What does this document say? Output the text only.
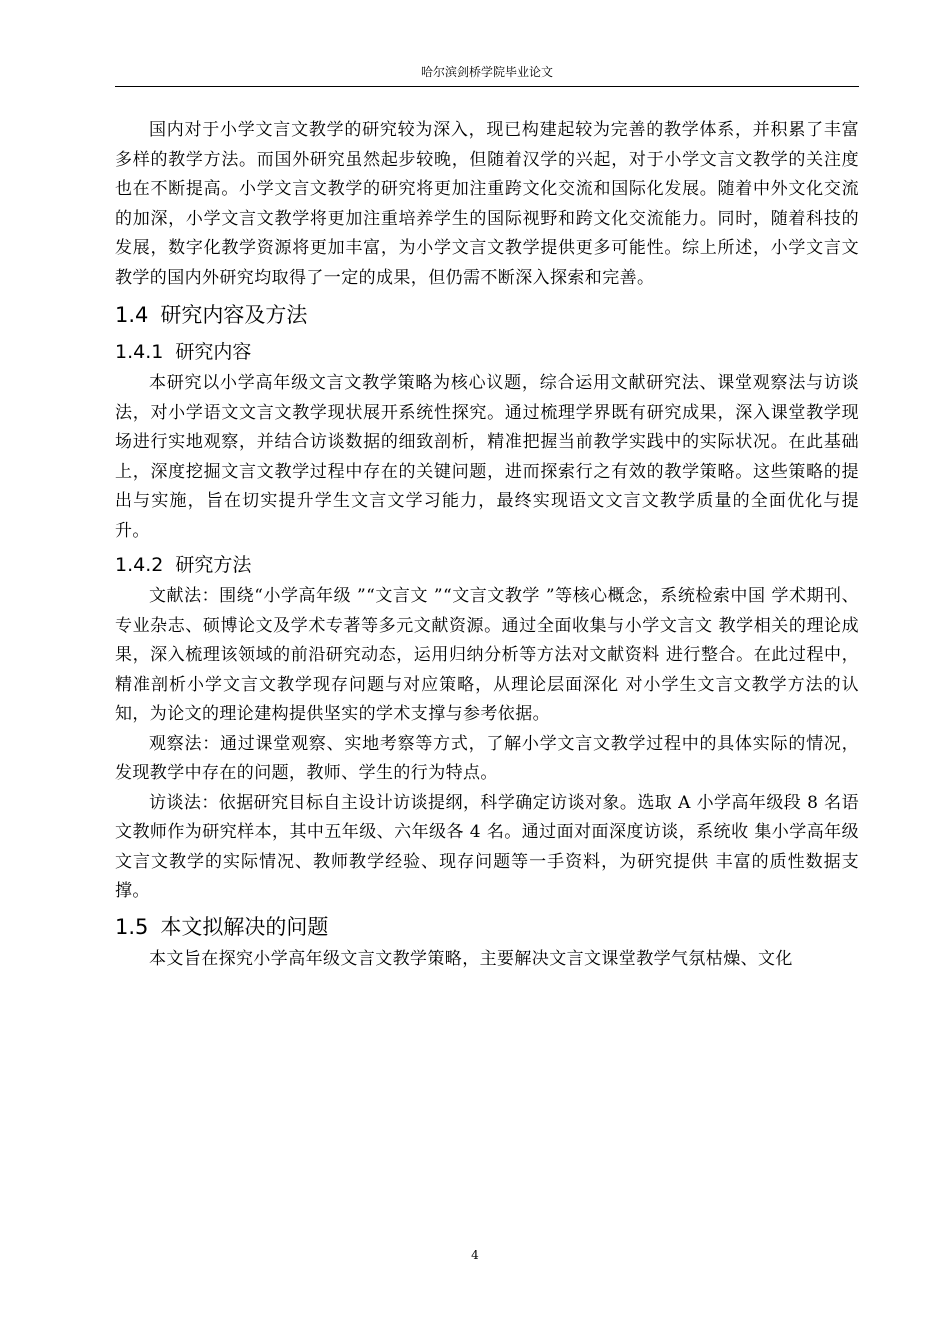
哈尔滨剑桥学院毕业论文

国内对于小学文言文教学的研究较为深入，现已构建起较为完善的教学体系，并积累了丰富多样的教学方法。而国外研究虽然起步较晚，但随着汉学的兴起，对于小学文言文教学的关注度也在不断提高。小学文言文教学的研究将更加注重跨文化交流和国际化发展。随着中外文化交流的加深，小学文言文教学将更加注重培养学生的国际视野和跨文化交流能力。同时，随着科技的发展，数字化教学资源将更加丰富，为小学文言文教学提供更多可能性。综上所述，小学文言文教学的国内外研究均取得了一定的成果，但仍需不断深入探索和完善。

1.4 研究内容及方法
1.4.1 研究内容

本研究以小学高年级文言文教学策略为核心议题，综合运用文献研究法、课堂观察法与访谈法，对小学语文文言文教学现状展开系统性探究。通过梳理学界既有研究成果，深入课堂教学现场进行实地观察，并结合访谈数据的细致剖析，精准把握当前教学实践中的实际状况。在此基础上，深度挖掘文言文教学过程中存在的关键问题，进而探索行之有效的教学策略。这些策略的提出与实施，旨在切实提升学生文言文学习能力，最终实现语文文言文教学质量的全面优化与提升。

1.4.2 研究方法

文献法：围绕“小学高年级 ”“文言文 ”“文言文教学 ”等核心概念，系统检索中国 学术期刊、专业杂志、硕博论文及学术专著等多元文献资源。通过全面收集与小学文言文 教学相关的理论成果，深入梳理该领域的前沿研究动态，运用归纳分析等方法对文献资料 进行整合。在此过程中，精准剖析小学文言文教学现存问题与对应策略，从理论层面深化 对小学生文言文教学方法的认知，为论文的理论建构提供坚实的学术支撑与参考依据。

观察法：通过课堂观察、实地考察等方式，了解小学文言文教学过程中的具体实际的情况，发现教学中存在的问题，教师、学生的行为特点。

访谈法：依据研究目标自主设计访谈提纲，科学确定访谈对象。选取 A 小学高年级段 8 名语文教师作为研究样本，其中五年级、六年级各 4 名。通过面对面深度访谈，系统收 集小学高年级文言文教学的实际情况、教师教学经验、现存问题等一手资料，为研究提供 丰富的质性数据支撑。

1.5 本文拟解决的问题

本文旨在探究小学高年级文言文教学策略，主要解决文言文课堂教学气氛枯燥、文化

4
